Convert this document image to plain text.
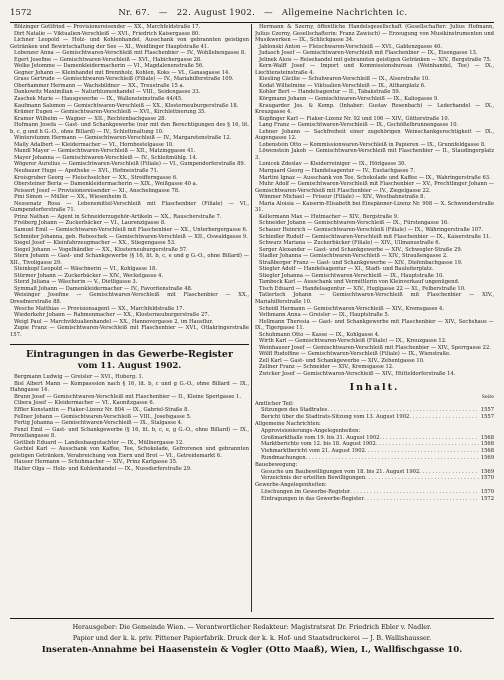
1572	Nr. 67.   —   22. August 1902.   —   Allgemeine Nachrichten ic.

Bölzinger Gottfried — Provisionsreisender — XX., Marchfeldstraße 17.

Dirt Natalie — Viktualien-Verschleiß — XVI., Friedrich Kaisergasse 80.

Lichner Leopold — Holz- und Kohlenhandel, Ausschank von gebrannten geistigen Getränken und Bewirtschaftung der See — XI., Weidlinger Hauptstraße 41.

Lobenzer Anna — Gemischtwaren-Verschleiß mit Flaschenbier — IV., Wohllebengasse 8.

Egert Josefine — Gemischtwaren-Verschleiß — XVI., Habichergasse 28.

Wolke Jetomme — Damenkleidermacherin — VI., Magdalenenstraße 56.

Gegner Johann — Kleinhandel mit Brennholz, Kohlen, Koks — VI., Ganasgasse 14.

Grass Gertrude — Gemischtwaren-Verschleiß (Filiale) — IV., Mariahilferstraße 109.

Oberhammer Hermann — Wachsbildner — XX., Treustraße 15 a.

Dankowitz Maximilian — Naturblumenhandel — VIII., Seidengasse 33.

Zaschek Marie — Hausgewerbe — IX., Wallensteinstraße 44/45.

Kaufmann Salomon — Gemischtwaren-Verschleiß — XX., Klosterneuburgerstraße 18.

Krämer Eugen — Gemischtwaren-Verschleiß — XVI., Kirchlettnerung 35.

Kramer Wilhelm — Wagner — XII., Rechtenbachgasse 28.

Hofmann Josefa — Gast- und Schankgewerbe (nur mit den Berechtigungen des § 16, lit. b, c, g und h G.-O., ohne Billard) — IV., Schlettmaltung 10.

Winterstumm Hermann — Gemischtwaren-Verschleiß — IV., Margaretenstraße 12.

Mally Adalbert — Kleidermacher — VI., Hornbostelgasse 10.

Mandl Mayer — Gemischtwaren-Verschleiß — XII., Matzinggasse 41.

Mayer Johanna — Gemischtwaren-Verschleiß — IV., Schleitmühlg. 14.

Wögerer Aurelius — Gemischtwaren-Verschleiß (Filiale) — VI., Gumpendorferstraße 89.

Neubauer Hugo — Apotheke — XVI., Hofmeistraße 71.

Kroisgruber Georg — Fleischselcher — XX., Streifferngasse 6.

Obersteiner Berta — Damenkleidermacherin — XIX., Weißgasse 40 a.

Peissert Josef — Provisionsreisender — XI., Anschelmgasse 78.

Pini Simon — Müller — XX., Wiesenheim 8.

Nessenatz Rosa — Lebensmittel-Verschleiß mit Flaschenbier (Filiale) — VI., Gumpendorferstraße 71.

Prinz Nathan — Agent in Schneiderzugehör-Artikeln — XX., Rauscherstraße 7.

Freiberg Johann — Zuckerbäcker — VI., Laurenzigasse 8.

Samuel Emil — Gemischtwaren-Verschleiß mit Flaschenbier — XX., Unterbergergasse 6.

Schmider Johanna, geb. Reboschek — Gemischtwaren-Verschleiß — XII., Oswaldgasse 9.

Siegel Josef — Kleinfahrzeugmacher — XX., Stiegengasse 53.

Siegel Johann — Vogelhändler — XX., Klosterneuburgerstraße 57.

Stern Johann — Gast- und Schankgewerbe (§ 16, lit. b, c, e und g G.-O., ohne Billard) — XII., Tivoligasse 29.

Steinkopf Leopold — Wäschnerin — VI., Kohlgasse 18.

Stürmer Johann — Zuckerbäcker — XIV., Weckelgasse 4.

Sterzl Juliana — Wäscherin — V., Dietligasse 3.

Symmalt Johann — Damenkleidermacher — IV., Favoritenstraße 48.

Weisinger Josefine — Gemischtwaren-Verschleiß mit Flaschenbier — XX., Dresdnerstraße 88.

Wesche Matthias — Provisionsagent — XX., Marchfeldstraße 17.

Wiederkehr Johann — Rahmenmacher — XX., Klosterneuburgerstraße 27.

Weigl Paul — Marchviktualienhandel — XX., Hannovergasse 2, im Hausflur.

Zupie Franz — Gemischtwaren-Verschleiß mit Flaschenbier — XVI., Ottakringerstraße 157.

Eintragungen in das Gewerbe-Register
vom 11. August 1902.

Bergmann Ludwig — Greisler — XVI., Huberg. 1.

Bisl Albert Mann — Kompasssion nach § 16, lit. b, c und g G.-O., ohne Billard — IX., Hahngasse 14.

Brunn Josef — Gemischtwaren-Verschleiß mit Flaschenbier — II., Kleine Sperlgasse 1.

Cibera Josef — Kleidermacher — VI., Kaunitzgasse 6.

Effler Konstantin — Fiaker-Lizenz Nr. 804 — IX., Gabriel-Straße 8.

Fellner Johann — Gemischtwaren-Verschleiß — VIII., Josefsgasse 5.

Fertig Johanna — Gemischtwaren-Verschleiß — IX., Stalgasse 4.

Fenzl Emil — Gast- und Schankgewerbe (§ 16, lit. b, c, e, g G.-O., ohne Billard) — IX., Porzellangasse 8.

Gottlieb Eduard — Landesbaugutachter — IX., Müllnergasse 12.

Gschiel Karl — Ausschank von Kaffee, Tee, Schokolade, Gefrorenen und gebrannten geistigen Getränken, Verabreichung von Eiern und Brot — VI., Getreidemarkt 6.

Hauser Hermann — Schuhmacher — XIV., Prinz Karlgasse 35.

Haller Olga — Holz- und Kohlenhandel — IX., Nussdorferstraße 29.

Hermann & Szerny, öffentliche Handelsgesellschaft (Gesellschafter: Julius Hofmann, Julius Czerny, Gesellschafterin: Franz Zawisch) — Erzeugung von Musikinstrumenten und Musikwerken — IX., Schlickgasse 34.

Jablonski Anton — Fleischwaren-Verschleiß — XVI., Gablenzgasse 40.

Judasch Josef — Gemischtwaren-Verschleiß mit Flaschenbier — IX., Eisengasse 13.

Jelinek Alois — Reisehandel mit gebrannten geistigen Getränken — XIV., Bergstraße 75.

Kern-Walff Josef — Import und Kommissionsbureau (Weinhandel, Tee) — IX., Liechtensteinstraße 4.

Kiesling Cäcilie — Schuhwaren-Verschleiß — IX., Alserstraße 10.

Kodat Wilhelmine — Viktualien-Verschleiß — IX., Althanplatz 6.

Kohler Bert — Handelsagentur — II., Tabakstraße 59.

Körgmann Johann — Gemischtwaren-Verschleiß — IX., Kaliogasse 9.

Kraugarder Jos. & Komp. (Inhaber: Gustav Rosenbach) — Lederhandel — IX., Kreuzgasse 4.

Kupfinger Karl — Fiaker-Lizenz Nr. 92 und 106 — XIV., Gütterstraße 10.

Lang Franz — Gemischtwaren-Verschleiß — IX., Gschößelbrunnengasse 10.

Lehner Johann — Sachfreiheit einer zugehörigen Weinschankgerechtigkeit — IX., Augengasse 12.

Lobenstein Otto — Kommissionwaren-Verschleiß in Papieren — IX., Grunnfeldgasse 8.

Löwenstein Jakob — Gemischtwaren-Verschleiß mit Flaschenbier — II., Staudingerplatz 3.

Lonicek Zdeslav — Kleiderreiniger — IX., Hörlgasse 30.

Marquard Georg — Handelsagentur — IV., Eustachgasse 7.

Martini Ignaz — Ausschank von Tee, Schokolade und Kaffee — IX., Wahringerstraße 63.

Muhr Adolf — Gemischtwaren-Verschleiß mit Flaschenbier — XV., Prechtlinger Johann — Gemischtwaren-Verschleiß mit Flaschenbier — IV., Ziegelgasse 22.

Wimmer Michael — Friseur (Filiale) — XIV., Westbahnstraße 8.

Maria Aloisia — Kaiserin-Elisabeth bei Einspänner-Lizenz Nr. 908 — X. Schwenderstraße 31.

Kellermann Max — Hutmacher — XIV., Bergstraße 9.

Schneider Johann — Gemischtwaren-Verschleiß — IX., Fürstengasse 16.

Schauer Heinrich — Gemischtwaren-Verschleiß (Filiale) — IX., Währingerstraße 107.

Schindler Rudolf — Gemischtwaren-Verschleiß mit Flaschenbier — IX., Kaiserstraße 11.

Schwarz Mariana — Zuckerbäcker (Filiale) — XIV., Ullmanustraße 6.

Sorger Alexander — Gast- und Schankgewerbe — XIV., Schwegler-Straße 29.

Stadler Johanna — Gemischtwaren-Verschleiß — XIV., Straußengasse 2.

Straßberger Franz — Gast- und Schankgewerbe — XIV., Diefenbachgasse 19.

Stiegler Adolf — Handelsagentur — XI., Stadt- und Bauleiterplatz.

Stiegler Johanna — Gemischtwaren-Verschleiß — IX., Hauptstraße 10.

Tambeck Karl — Ausschank und Vermittlerin von Kleinverkauf ungenügend.

Tisch Eduard — Handelsagentur — XIV., Huglgasse 22 — XI., Felberstraße 10.

Tatlertsch Johann — Gemischtwaren-Verschleiß mit Flaschenbier — XIV., Mariahilferstraße 10.

Scheidl Hermann — Gemischtwaren-Verschleiß — XIV., Kremsgasse 4.

Vothmann Anna — Greisler — IX., Hauptstraße 5.

Hellmann Theresia — Gast- und Schankgewerbe mit Flaschenbier — XIV., Sechshaus — IX., Tigergasse 11.

Schuhmann Otto — Kasse — IX., Kohlgasse 4.

Wirth Karl — Gemischtwaren-Verschleiß (Filiale) — IX., Kreuzgasse 12.

Weinhauser Josef — Gemischtwaren-Verschleiß mit Flaschenbier — XIV., Sperrgasse 22.

Wölfl Rudolfine — Gemischtwaren-Verschleiß (Filiale) — IX., Wienstraße.

Zell Karl — Gast- und Schankgewerbe — XIV., Zehentgasse 10.

Zellner Franz — Schneider — XIV., Kremsgasse 12.

Zwicker Josef — Gemischtwaren-Verschleiß — XIV., Hütteldorferstraße 14.

Inhalt.
Seite
Amtlicher Teil:
Sitzungen des Stadtrates . . .	1557
Bericht über die Stadtrats-Sitzung vom 13. August 1902 . . .	1557
Allgemeine Nachrichten:
Approvisionierungs-Angelegenheiten:
Großmarkthalle vom 19. bis 31. August 1902 . . .	1568
Marktberichte vom 12. bis 18. August 1902 . . .	1568
Viehmarktbericht vom 21. August 1902 . . .	1568
Rundmachungen . . .	1569
Bauebewegung:
Gesuche um Baubewilligungen vom 18. bis 21. August 1902 . . .	1569
Verzeichnis der erteilten Bewilligungen . . .	1570
Gewerbe-Angelegenheiten:
Löschungen im Gewerbe-Register . . .	1570
Eintragungen in das Gewerbe-Register . . .	1572
Herausgeber: Die Gemeinde Wien. — Verantwortlicher Redakteur: Magistratsrat Dr. Friedrich Ebler v. Nadler.
Papier und der k. k. priv. Pittener Papierfabrik. Druck der k. k. Hof- und Staatsdruckerei — J. B. Wallishausser.
Inseraten-Annahme bei Haasenstein & Vogler (Otto Maaß), Wien, I., Wallfischgasse 10.
